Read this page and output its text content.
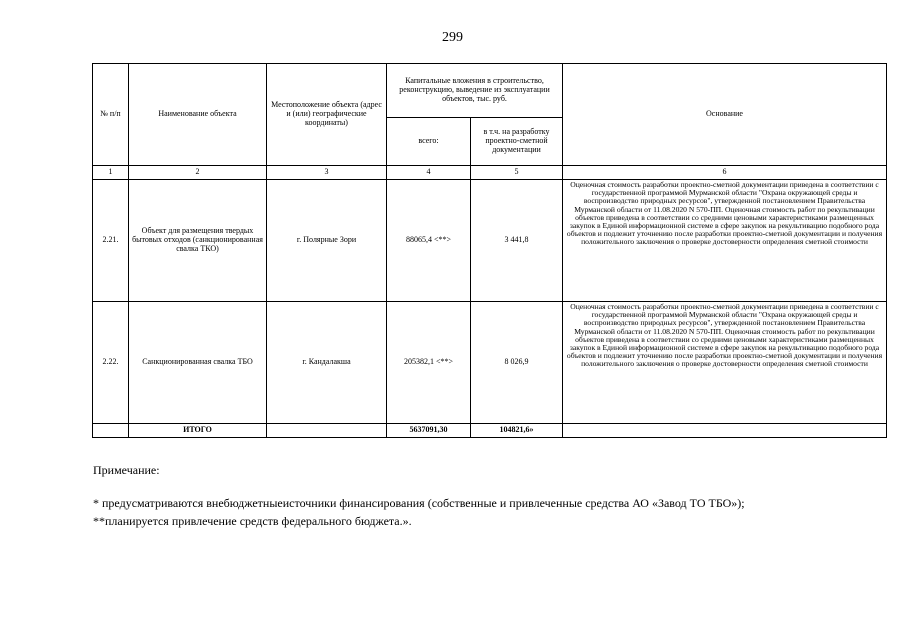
299
№ п/п	Наименование объекта	Местоположение объекта (адрес и (или) географические координаты)	Капитальные вложения в строительство, реконструкцию, выведение из эксплуатации объектов, тыс. руб.		Основание
			всего:	в т.ч. на разработку проектно-сметной документации	
1	2	3	4	5	6
2.21.	Объект для размещения твердых бытовых отходов (санкционированная свалка ТКО)	г. Полярные Зори	88065,4 <**>	3 441,8	Оценочная стоимость разработки проектно-сметной документации приведена в соответствии с государственной программой Мурманской области "Охрана окружающей среды и воспроизводство природных ресурсов", утвержденной постановлением Правительства Мурманской области от 11.08.2020 N 570-ПП. Оценочная стоимость работ по рекультивации объектов приведена в соответствии со средними ценовыми характеристиками размещенных закупок в Единой информационной системе в сфере закупок на рекультивацию подобного рода объектов и подлежит уточнению после разработки проектно-сметной документации и получения положительного заключения о проверке достоверности определения сметной стоимости
2.22.	Санкционированная свалка ТБО	г. Кандалакша	205382,1 <**>	8 026,9	Оценочная стоимость разработки проектно-сметной документации приведена в соответствии с государственной программой Мурманской области "Охрана окружающей среды и воспроизводство природных ресурсов", утвержденной постановлением Правительства Мурманской области от 11.08.2020 N 570-ПП. Оценочная стоимость работ по рекультивации объектов приведена в соответствии со средними ценовыми характеристиками размещенных закупок в Единой информационной системе в сфере закупок на рекультивацию подобного рода объектов и подлежит уточнению после разработки проектно-сметной документации и получения положительного заключения о проверке достоверности определения сметной стоимости
	ИТОГО		5637091,30	104821,6»	
Примечание:
* предусматриваются внебюджетныеисточники финансирования (собственные и привлеченные средства АО «Завод ТО ТБО»);
**планируется привлечение средств федерального бюджета.».
